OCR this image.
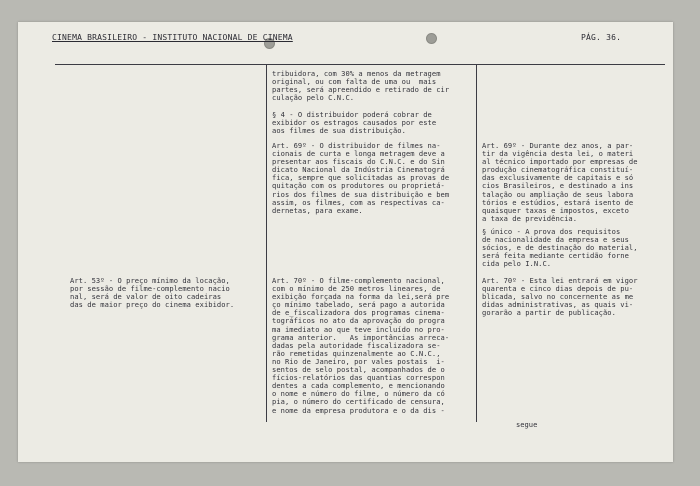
CINEMA BRASILEIRO - INSTITUTO NACIONAL DE CINEMA	PÁG. 36.
Art. 53º - O preço mínimo da locação,
por sessão de filme-complemento nacio
nal, será de valor de oito cadeiras
das de maior preço do cinema exibidor.
tribuidora, com 30% a menos da metragem
original, ou com falta de uma ou  mais
partes, será apreendido e retirado de cir
culação pelo C.N.C.
§ 4 - O distribuidor poderá cobrar de
exibidor os estragos causados por este
aos filmes de sua distribuição.
Art. 69º - O distribuidor de filmes na-
cionais de curta e longa metragem deve a
presentar aos fiscais do C.N.C. e do Sin
dicato Nacional da Indústria Cinematográ
fica, sempre que solicitadas as provas de
quitação com os produtores ou proprietá-
rios dos filmes de sua distribuição e bem
assim, os filmes, com as respectivas ca-
dernetas, para exame.
Art. 70º - O filme-complemento nacional,
com o mínimo de 250 metros lineares, de
exibição forçada na forma da lei,será pre
ço mínimo tabelado, será pago a autorida
de e_fiscalizadora dos programas cinema-
tográficos no ato da aprovação do progra
ma imediato ao que teve incluído no pro-
grama anterior.   As importâncias arreca-
dadas pela autoridade fiscalizadora se-
rão remetidas quinzenalmente ao C.N.C.,
no Rio de Janeiro, por vales postais  i-
sentos de selo postal, acompanhados de o
fícios-relatórios das quantias correspon
dentes a cada complemento, e mencionando
o nome e número do filme, o número da có
pia, o número do certificado de censura,
e nome da empresa produtora e o da dis -
Art. 69º - Durante dez anos, a par-
tir da vigência desta lei, o materi
al técnico importado por empresas de
produção cinematográfica constituí-
das exclusivamente de capitais e só
cios Brasileiros, e destinado a ins
talação ou ampliação de seus labora
tórios e estúdios, estará isento de
quaisquer taxas e impostos, exceto
a taxa de previdência.
§ único - A prova dos requisitos
de nacionalidade da empresa e seus
sócios, e de destinação do material,
será feita mediante certidão forne
cida pelo I.N.C.
Art. 70º - Esta lei entrará em vigor
quarenta e cinco dias depois de pu-
blicada, salvo no concernente as me
didas administrativas, as quais vi-
gorarão a partir de publicação.
segue
